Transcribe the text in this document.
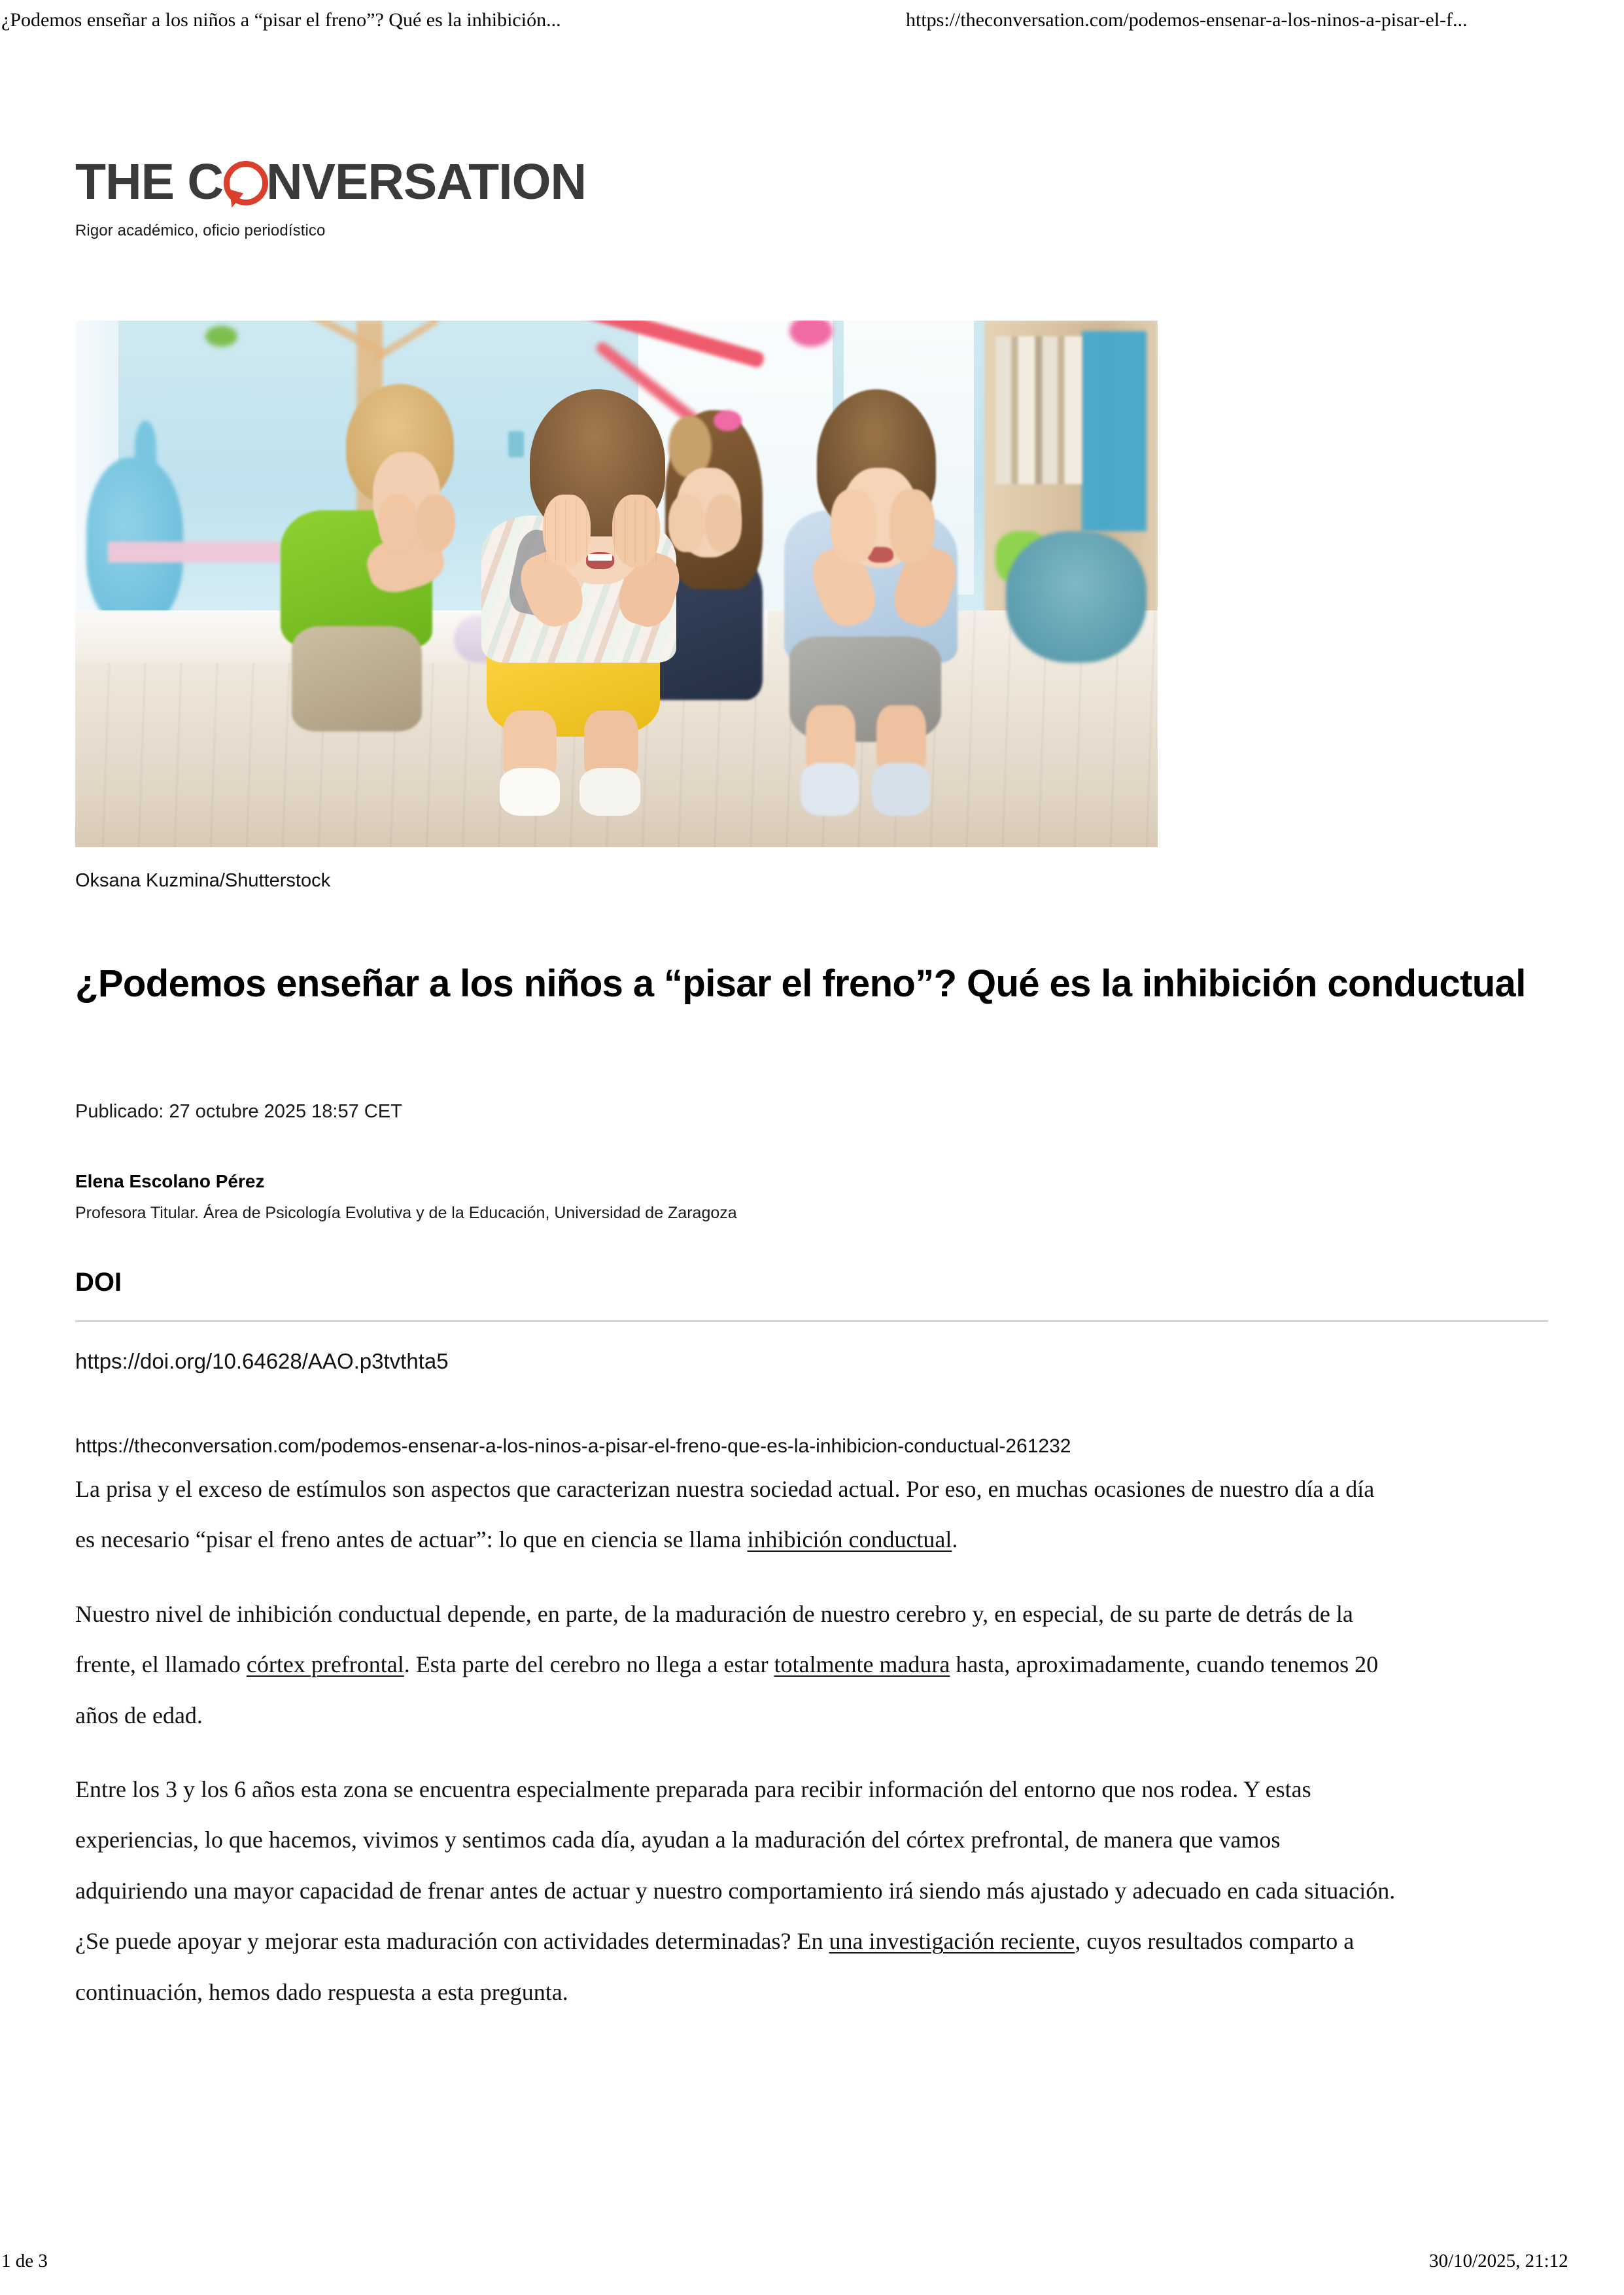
¿Podemos enseñar a los niños a “pisar el freno”? Qué es la inhibición...	https://theconversation.com/podemos-ensenar-a-los-ninos-a-pisar-el-f...
THE C NVERSATION
Rigor académico, oficio periodístico
Oksana Kuzmina/Shutterstock
¿Podemos enseñar a los niños a “pisar el freno”? Qué es la inhibición conductual
Publicado: 27 octubre 2025 18:57 CET
Elena Escolano Pérez
Profesora Titular. Área de Psicología Evolutiva y de la Educación, Universidad de Zaragoza
DOI
https://doi.org/10.64628/AAO.p3tvthta5
https://theconversation.com/podemos-ensenar-a-los-ninos-a-pisar-el-freno-que-es-la-inhibicion-conductual-261232

La prisa y el exceso de estímulos son aspectos que caracterizan nuestra sociedad actual. Por eso, en muchas ocasiones de nuestro día a día es necesario “pisar el freno antes de actuar”: lo que en ciencia se llama inhibición conductual.

Nuestro nivel de inhibición conductual depende, en parte, de la maduración de nuestro cerebro y, en especial, de su parte de detrás de la frente, el llamado córtex prefrontal. Esta parte del cerebro no llega a estar totalmente madura hasta, aproximadamente, cuando tenemos 20 años de edad.

Entre los 3 y los 6 años esta zona se encuentra especialmente preparada para recibir información del entorno que nos rodea. Y estas experiencias, lo que hacemos, vivimos y sentimos cada día, ayudan a la maduración del córtex prefrontal, de manera que vamos adquiriendo una mayor capacidad de frenar antes de actuar y nuestro comportamiento irá siendo más ajustado y adecuado en cada situación. ¿Se puede apoyar y mejorar esta maduración con actividades determinadas? En una investigación reciente, cuyos resultados comparto a continuación, hemos dado respuesta a esta pregunta.

1 de 3	30/10/2025, 21:12
